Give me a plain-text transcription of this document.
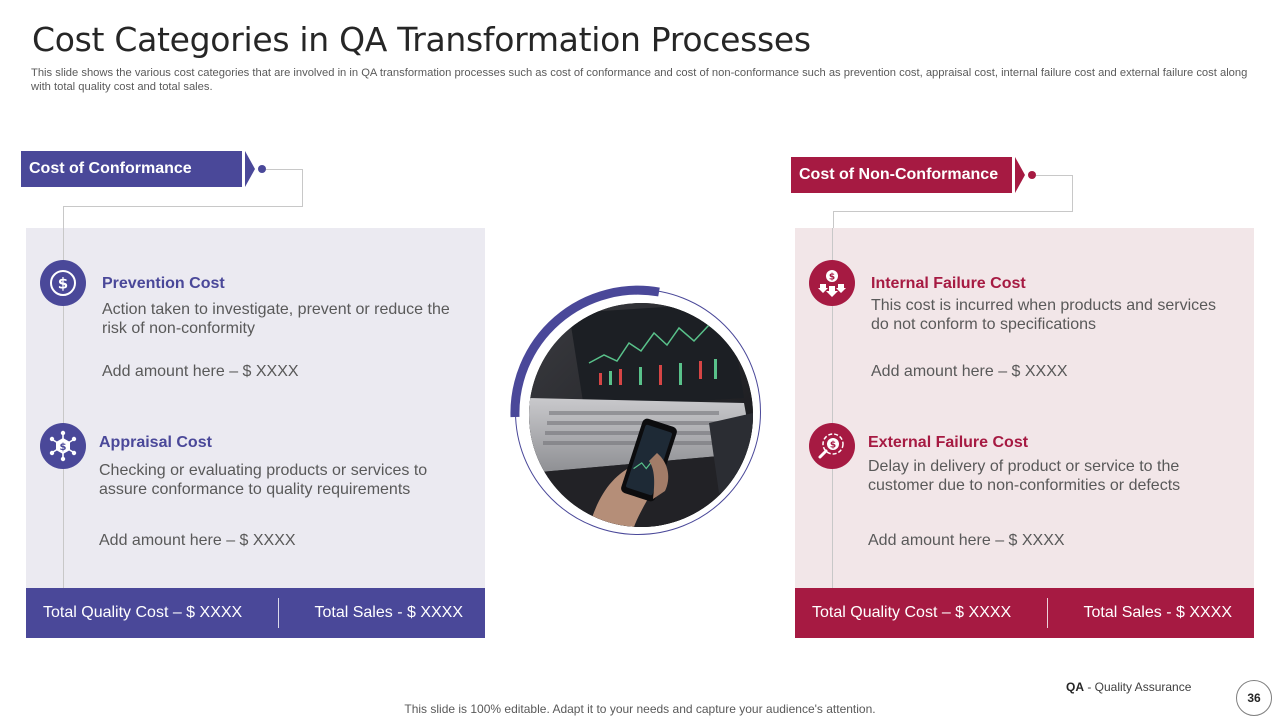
Cost Categories in QA Transformation Processes
This slide shows the various cost categories that are involved in in QA transformation processes such as cost of conformance and cost of non-conformance such as prevention cost, appraisal cost, internal failure cost and external failure cost along with total quality cost and total sales.
Cost of Conformance
$ Prevention Cost
Action taken to investigate, prevent or reduce the risk of non-conformity
Add amount here – $ XXXX
$ Appraisal Cost
Checking or evaluating products or services to assure conformance to quality requirements
Add amount here – $ XXXX
Total Quality Cost – $ XXXX	Total Sales - $ XXXX
Cost of Non-Conformance
$ Internal Failure Cost
This cost is incurred when products and services do not conform to specifications
Add amount here – $ XXXX
$ External Failure Cost
Delay in delivery of product or service to the customer due to non-conformities or defects
Add amount here – $ XXXX
Total Quality Cost – $ XXXX	Total Sales - $ XXXX
QA - Quality Assurance
36
This slide is 100% editable. Adapt it to your needs and capture your audience's attention.
